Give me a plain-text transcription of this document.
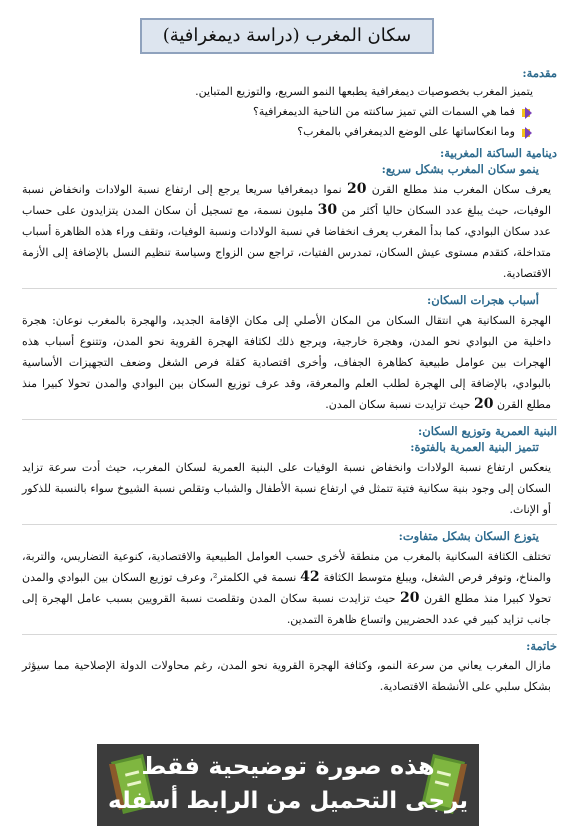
سكان المغرب (دراسة ديمغرافية)
مقدمة:

يتميز المغرب بخصوصيات ديمغرافية يطبعها النمو السريع، والتوزيع المتباين.

فما هي السمات التي تميز ساكنته من الناحية الديمغرافية؟
وما انعكاساتها على الوضع الديمغرافي بالمغرب؟
دينامية الساكنة المغربية:
ينمو سكان المغرب بشكل سريع:

يعرف سكان المغرب منذ مطلع القرن 20 نموا ديمغرافيا سريعا يرجع إلى ارتفاع نسبة الولادات وانخفاض نسبة الوفيات، حيث يبلغ عدد السكان حاليا أكثر من 30 مليون نسمة، مع تسجيل أن سكان المدن يتزايدون على حساب عدد سكان البوادي، كما بدأ المغرب يعرف انخفاضا في نسبة الولادات ونسبة الوفيات، وتقف وراء هذه الظاهرة أسباب متداخلة، كتقدم مستوى عيش السكان، تمدرس الفتيات، تراجع سن الزواج وسياسة تنظيم النسل بالإضافة إلى الأزمة الاقتصادية.

أسباب هجرات السكان:

الهجرة السكانية هي انتقال السكان من المكان الأصلي إلى مكان الإقامة الجديد، والهجرة بالمغرب نوعان: هجرة داخلية من البوادي نحو المدن، وهجرة خارجية، ويرجع ذلك لكثافة الهجرة القروية نحو المدن، وتتنوع أسباب هذه الهجرات بين عوامل طبيعية كظاهرة الجفاف، وأخرى اقتصادية كقلة فرص الشغل وضعف التجهيزات الأساسية بالبوادي، بالإضافة إلى الهجرة لطلب العلم والمعرفة، وقد عرف توزيع السكان بين البوادي والمدن تحولا كبيرا منذ مطلع القرن 20 حيث تزايدت نسبة سكان المدن.

البنية العمرية وتوزيع السكان:
تتميز البنية العمرية بالفتوة:

ينعكس ارتفاع نسبة الولادات وانخفاض نسبة الوفيات على البنية العمرية لسكان المغرب، حيث أدت سرعة تزايد السكان إلى وجود بنية سكانية فتية تتمثل في ارتفاع نسبة الأطفال والشباب وتقلص نسبة الشيوخ سواء بالنسبة للذكور أو الإناث.

يتوزع السكان بشكل متفاوت:

تختلف الكثافة السكانية بالمغرب من منطقة لأخرى حسب العوامل الطبيعية والاقتصادية، كنوعية التضاريس، والتربة، والمناخ، وتوفر فرص الشغل، ويبلغ متوسط الكثافة 42 نسمة في الكلمتر²، وعرف توزيع السكان بين البوادي والمدن تحولا كبيرا منذ مطلع القرن 20 حيث تزايدت نسبة سكان المدن وتقلصت نسبة القرويين بسبب عامل الهجرة إلى جانب تزايد كبير في عدد الحضريين واتساع ظاهرة التمدين.

خاتمة:

مازال المغرب يعاني من سرعة النمو، وكثافة الهجرة القروية نحو المدن، رغم محاولات الدولة الإصلاحية مما سيؤثر بشكل سلبي على الأنشطة الاقتصادية.

هذه صورة توضيحية فقط
يرجى التحميل من الرابط أسفله
